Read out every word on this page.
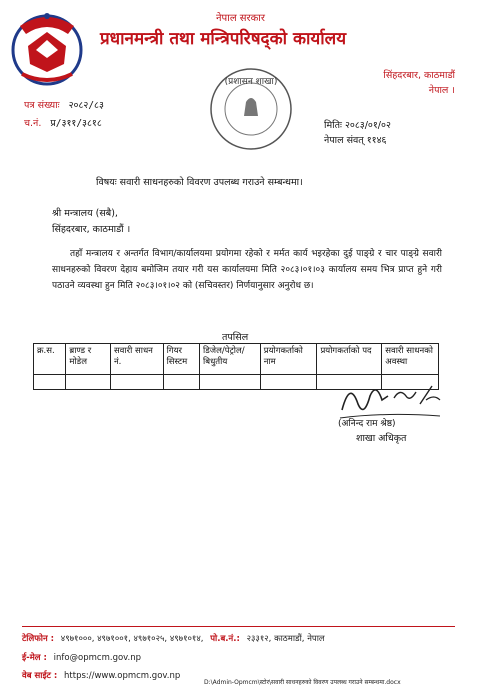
नेपाल सरकार
प्रधानमन्त्री तथा मन्त्रिपरिषद्‌को कार्यालय
सिंहदरबार, काठमाडौं
नेपाल ।
पत्र संख्याः २०८२/८३
च.नं. प्र/३११/३८१८
(प्रशासन शाखा)
मितिः २०८३/०१/०२
नेपाल संवत् ११४६
विषयः सवारी साधनहरुको विवरण उपलब्ध गराउने सम्बन्धमा।
श्री मन्त्रालय (सबै),
सिंहदरबार, काठमाडौं ।
तहाँ मन्त्रालय र अन्तर्गत विभाग/कार्यालयमा प्रयोगमा रहेको र मर्मत कार्य भइरहेका दुई पाङ्ग्रे र चार पाङ्ग्रे सवारी साधनहरुको विवरण देहाय बमोजिम तयार गरी यस कार्यालयमा मिति २०८३।०१।०३ कार्यालय समय भित्र प्राप्त हुने गरी पठाउने व्यवस्था हुन मिति २०८३।०१।०२ को (सचिवस्तर) निर्णयानुसार अनुरोध छ।
तपसिल
क्र.स.	ब्राण्ड र मोडेल	सवारी साधन नं.	गियर सिस्टम	डिजेल/पेट्रोल/ बिधुतीय	प्रयोगकर्ताको नाम	प्रयोगकर्ताको पद	सवारी साधनको अवस्था

(अनिन्द राम श्रेष्ठ)
शाखा अधिकृत
टेलिफोन : ४९७१०००, ४९७१००१, ४९७१०२५, ४९७१०१४, पो.ब.नं.: २३३१२, काठमाडौं, नेपाल
ई-मेल : info@opmcm.gov.np
वेब साईट : https://www.opmcm.gov.np
D:\Admin-Opmcm\स्टोर\सवारी साधनहरुको विवरण उपलब्ध गराउने सम्बन्धमा.docx
